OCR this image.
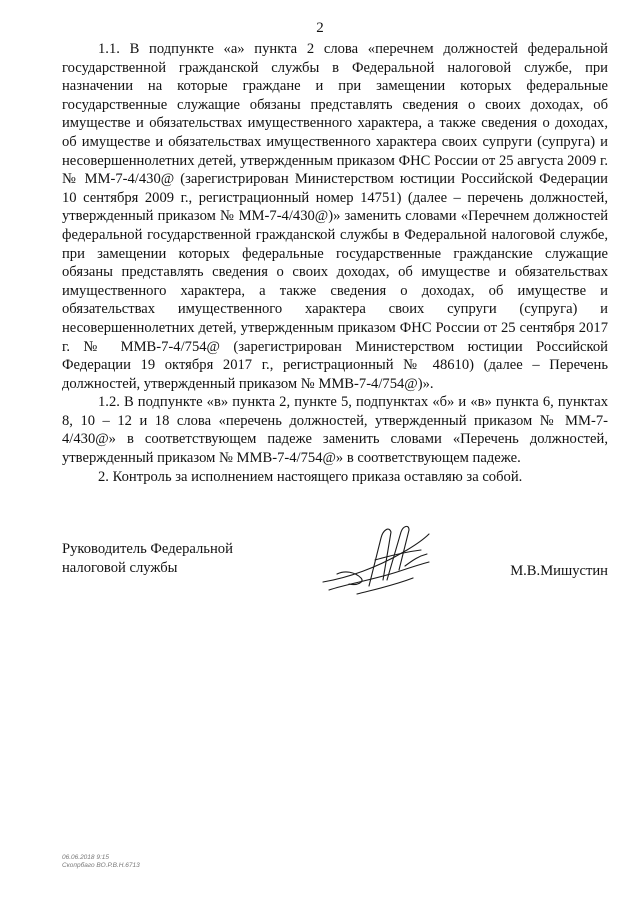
2

1.1. В подпункте «а» пункта 2 слова «перечнем должностей федеральной государственной гражданской службы в Федеральной налоговой службе, при назначении на которые граждане и при замещении которых федеральные государственные служащие обязаны представлять сведения о своих доходах, об имуществе и обязательствах имущественного характера, а также сведения о доходах, об имуществе и обязательствах имущественного характера своих супруги (супруга) и несовершеннолетних детей, утвержденным приказом ФНС России от 25 августа 2009 г. № ММ-7-4/430@ (зарегистрирован Министерством юстиции Российской Федерации 10 сентября 2009 г., регистрационный номер 14751) (далее – перечень должностей, утвержденный приказом № ММ-7-4/430@)» заменить словами «Перечнем должностей федеральной государственной гражданской службы в Федеральной налоговой службе, при замещении которых федеральные государственные гражданские служащие обязаны представлять сведения о своих доходах, об имуществе и обязательствах имущественного характера, а также сведения о доходах, об имуществе и обязательствах имущественного характера своих супруги (супруга) и несовершеннолетних детей, утвержденным приказом ФНС России от 25 сентября 2017 г. № ММВ-7-4/754@ (зарегистрирован Министерством юстиции Российской Федерации 19 октября 2017 г., регистрационный № 48610) (далее – Перечень должностей, утвержденный приказом № ММВ-7-4/754@)».

1.2. В подпункте «в» пункта 2, пункте 5, подпунктах «б» и «в» пункта 6, пунктах 8, 10 – 12 и 18 слова «перечень должностей, утвержденный приказом № ММ-7-4/430@» в соответствующем падеже заменить словами «Перечень должностей, утвержденный приказом № ММВ-7-4/754@» в соответствующем падеже.

2. Контроль за исполнением настоящего приказа оставляю за собой.

Руководитель Федеральной
налоговой службы	М.В.Мишустин
06.06.2018 9:15
Скопрбаго ВО.Р.В.Н.6713
